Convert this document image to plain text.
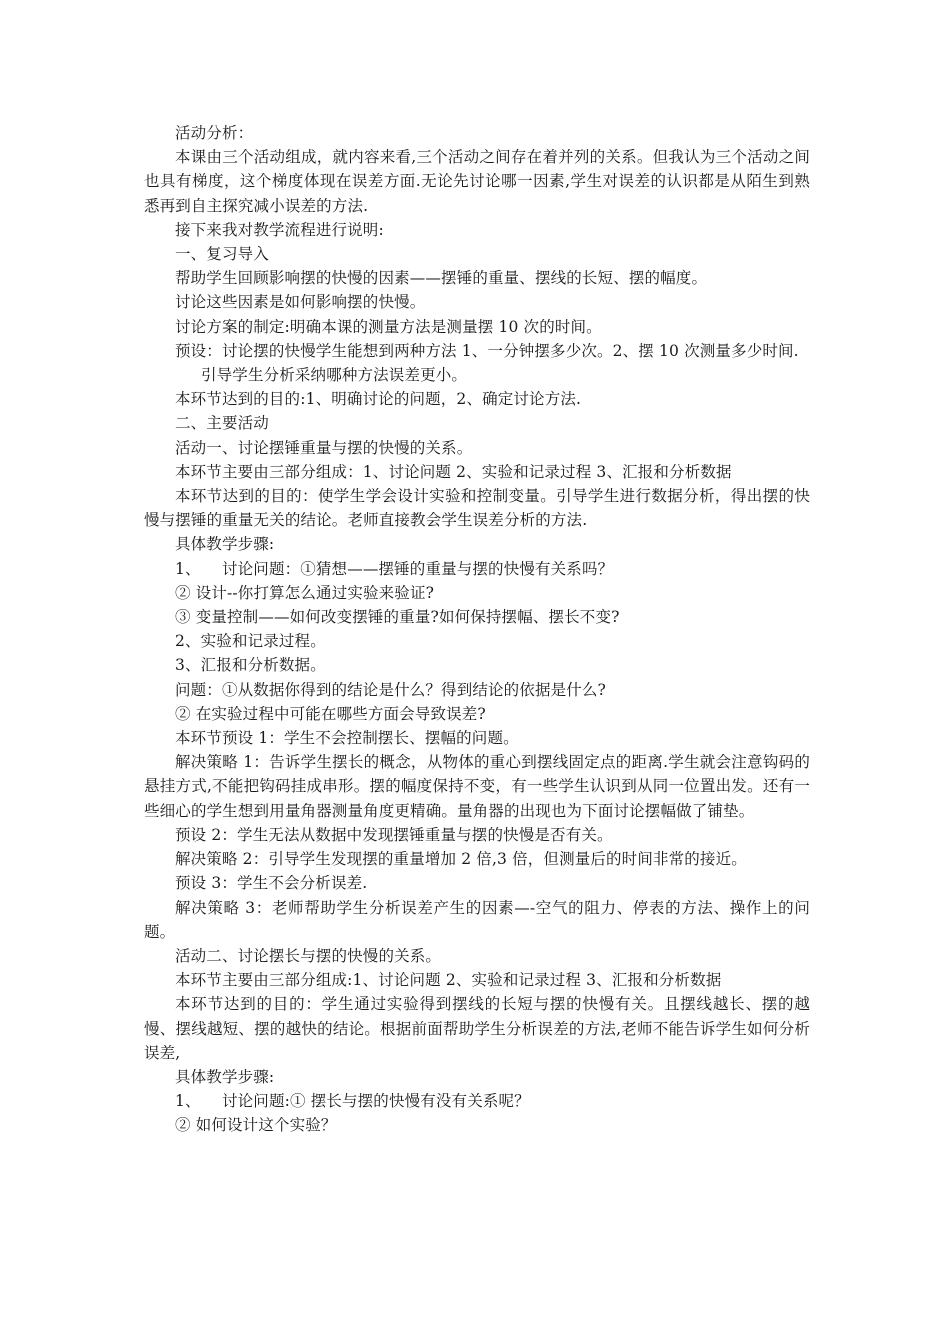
活动分析：

本课由三个活动组成，就内容来看,三个活动之间存在着并列的关系。但我认为三个活动之间也具有梯度，这个梯度体现在误差方面.无论先讨论哪一因素,学生对误差的认识都是从陌生到熟悉再到自主探究减小误差的方法.

接下来我对教学流程进行说明:

一、复习导入

帮助学生回顾影响摆的快慢的因素——摆锤的重量、摆线的长短、摆的幅度。

讨论这些因素是如何影响摆的快慢。

讨论方案的制定:明确本课的测量方法是测量摆 10 次的时间。

预设：讨论摆的快慢学生能想到两种方法 1、一分钟摆多少次。2、摆 10 次测量多少时间.

引导学生分析采纳哪种方法误差更小。

本环节达到的目的:1、明确讨论的问题，2、确定讨论方法.

二、主要活动

活动一、讨论摆锤重量与摆的快慢的关系。

本环节主要由三部分组成：1、讨论问题 2、实验和记录过程 3、汇报和分析数据

本环节达到的目的：使学生学会设计实验和控制变量。引导学生进行数据分析，得出摆的快慢与摆锤的重量无关的结论。老师直接教会学生误差分析的方法.

具体教学步骤:

1、 讨论问题：①猜想——摆锤的重量与摆的快慢有关系吗？

② 设计--你打算怎么通过实验来验证?

③ 变量控制——如何改变摆锤的重量?如何保持摆幅、摆长不变?

2、实验和记录过程。

3、汇报和分析数据。

问题：①从数据你得到的结论是什么？得到结论的依据是什么?

② 在实验过程中可能在哪些方面会导致误差?

本环节预设 1：学生不会控制摆长、摆幅的问题。

解决策略 1：告诉学生摆长的概念，从物体的重心到摆线固定点的距离.学生就会注意钩码的悬挂方式,不能把钩码挂成串形。摆的幅度保持不变，有一些学生认识到从同一位置出发。还有一些细心的学生想到用量角器测量角度更精确。量角器的出现也为下面讨论摆幅做了铺垫。

预设 2：学生无法从数据中发现摆锤重量与摆的快慢是否有关。

解决策略 2：引导学生发现摆的重量增加 2 倍,3 倍，但测量后的时间非常的接近。

预设 3：学生不会分析误差.

解决策略 3：老师帮助学生分析误差产生的因素—-空气的阻力、停表的方法、操作上的问题。

活动二、讨论摆长与摆的快慢的关系。

本环节主要由三部分组成:1、讨论问题 2、实验和记录过程 3、汇报和分析数据

本环节达到的目的：学生通过实验得到摆线的长短与摆的快慢有关。且摆线越长、摆的越慢、摆线越短、摆的越快的结论。根据前面帮助学生分析误差的方法,老师不能告诉学生如何分析误差,

具体教学步骤:

1、 讨论问题:① 摆长与摆的快慢有没有关系呢？

② 如何设计这个实验？
